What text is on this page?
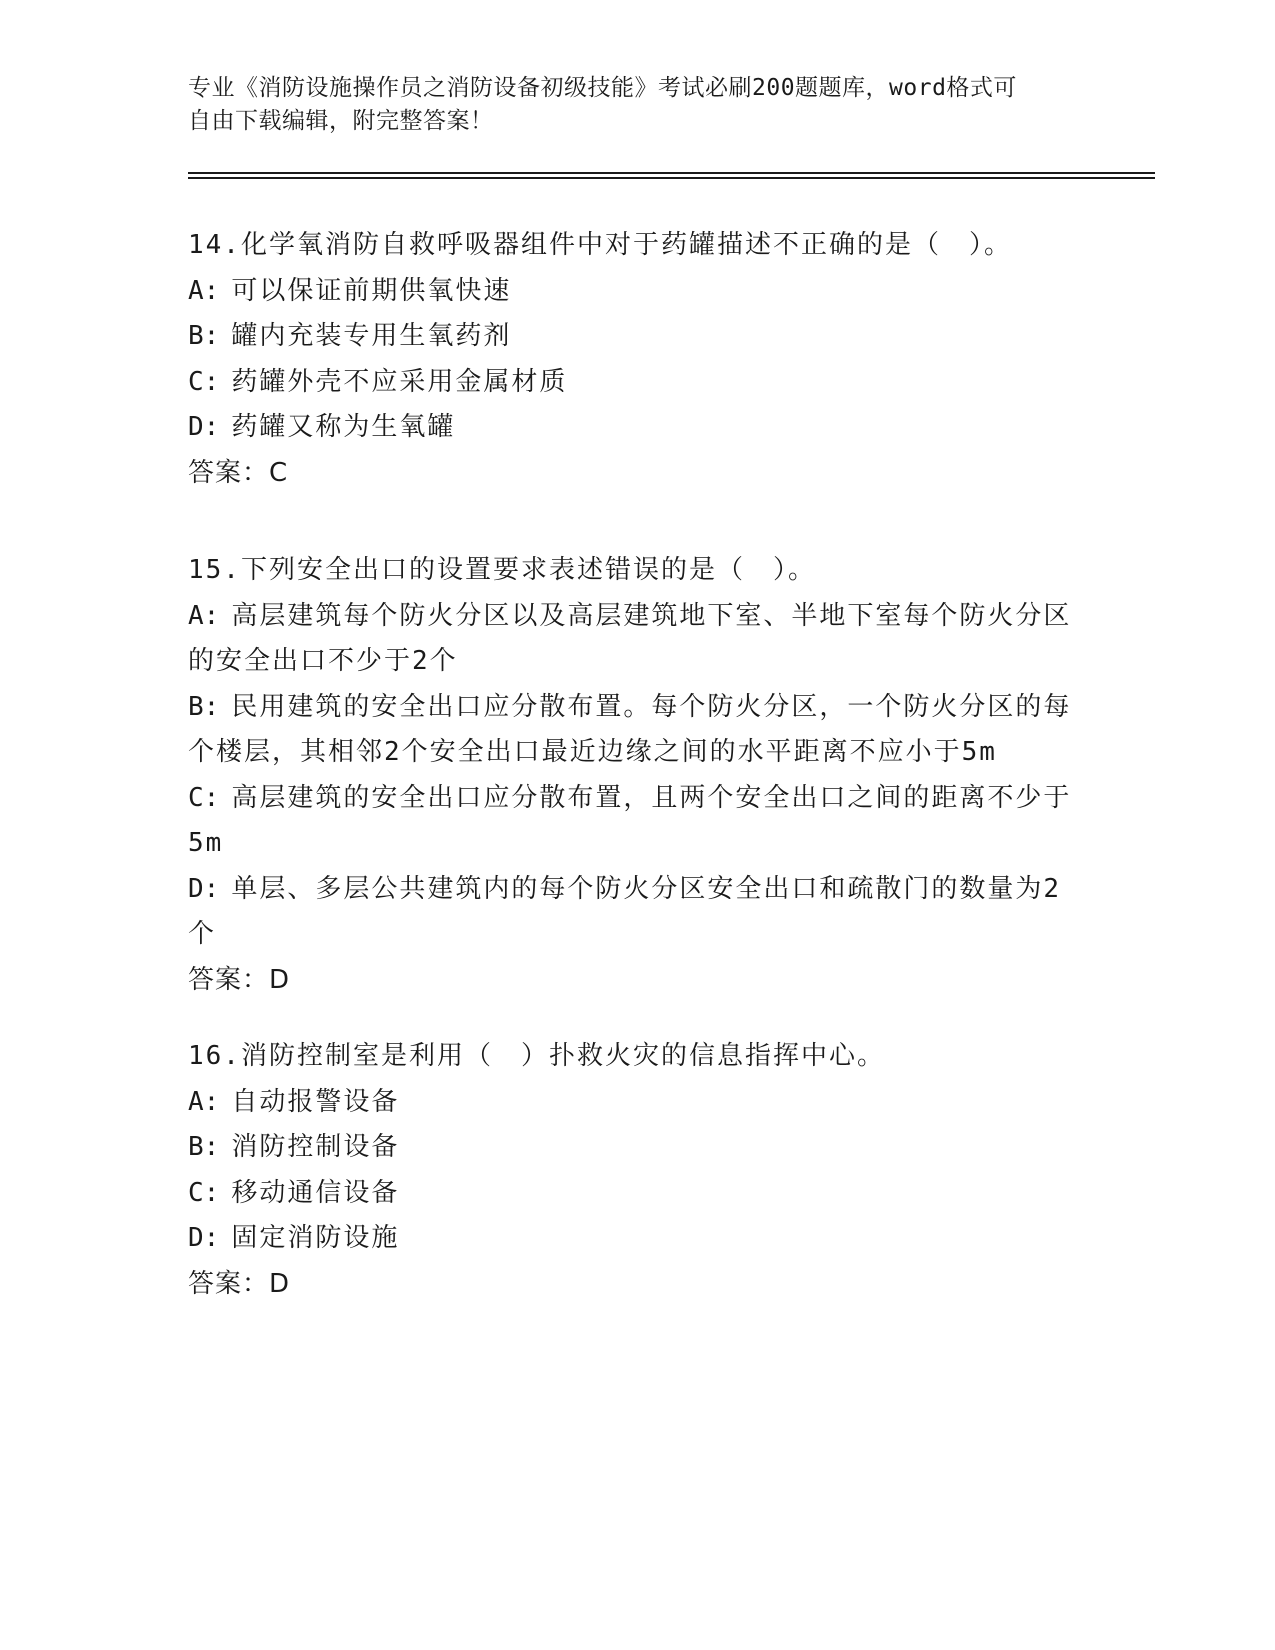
专业《消防设施操作员之消防设备初级技能》考试必刷200题题库，word格式可
自由下载编辑，附完整答案！
14.化学氧消防自救呼吸器组件中对于药罐描述不正确的是（　）。
A: 可以保证前期供氧快速
B: 罐内充装专用生氧药剂
C: 药罐外壳不应采用金属材质
D: 药罐又称为生氧罐
答案：C
15.下列安全出口的设置要求表述错误的是（　）。
A: 高层建筑每个防火分区以及高层建筑地下室、半地下室每个防火分区的安全出口不少于2个
B: 民用建筑的安全出口应分散布置。每个防火分区，一个防火分区的每个楼层，其相邻2个安全出口最近边缘之间的水平距离不应小于5m
C: 高层建筑的安全出口应分散布置，且两个安全出口之间的距离不少于5m
D: 单层、多层公共建筑内的每个防火分区安全出口和疏散门的数量为2个
答案：D
16.消防控制室是利用（　）扑救火灾的信息指挥中心。
A: 自动报警设备
B: 消防控制设备
C: 移动通信设备
D: 固定消防设施
答案：D
